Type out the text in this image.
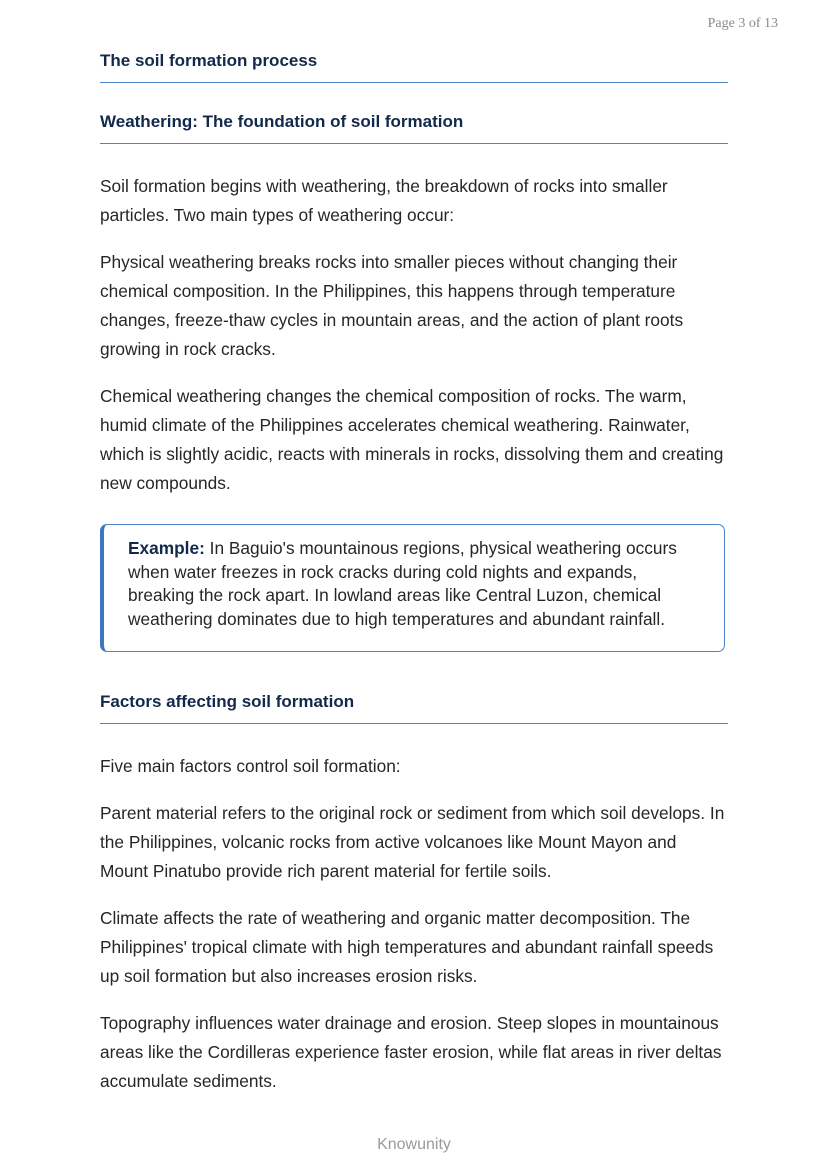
Page 3 of 13
The soil formation process
Weathering: The foundation of soil formation

Soil formation begins with weathering, the breakdown of rocks into smaller particles. Two main types of weathering occur:

Physical weathering breaks rocks into smaller pieces without changing their chemical composition. In the Philippines, this happens through temperature changes, freeze-thaw cycles in mountain areas, and the action of plant roots growing in rock cracks.

Chemical weathering changes the chemical composition of rocks. The warm, humid climate of the Philippines accelerates chemical weathering. Rainwater, which is slightly acidic, reacts with minerals in rocks, dissolving them and creating new compounds.

Example: In Baguio's mountainous regions, physical weathering occurs when water freezes in rock cracks during cold nights and expands, breaking the rock apart. In lowland areas like Central Luzon, chemical weathering dominates due to high temperatures and abundant rainfall.

Factors affecting soil formation

Five main factors control soil formation:

Parent material refers to the original rock or sediment from which soil develops. In the Philippines, volcanic rocks from active volcanoes like Mount Mayon and Mount Pinatubo provide rich parent material for fertile soils.

Climate affects the rate of weathering and organic matter decomposition. The Philippines' tropical climate with high temperatures and abundant rainfall speeds up soil formation but also increases erosion risks.

Topography influences water drainage and erosion. Steep slopes in mountainous areas like the Cordilleras experience faster erosion, while flat areas in river deltas accumulate sediments.

Knowunity
